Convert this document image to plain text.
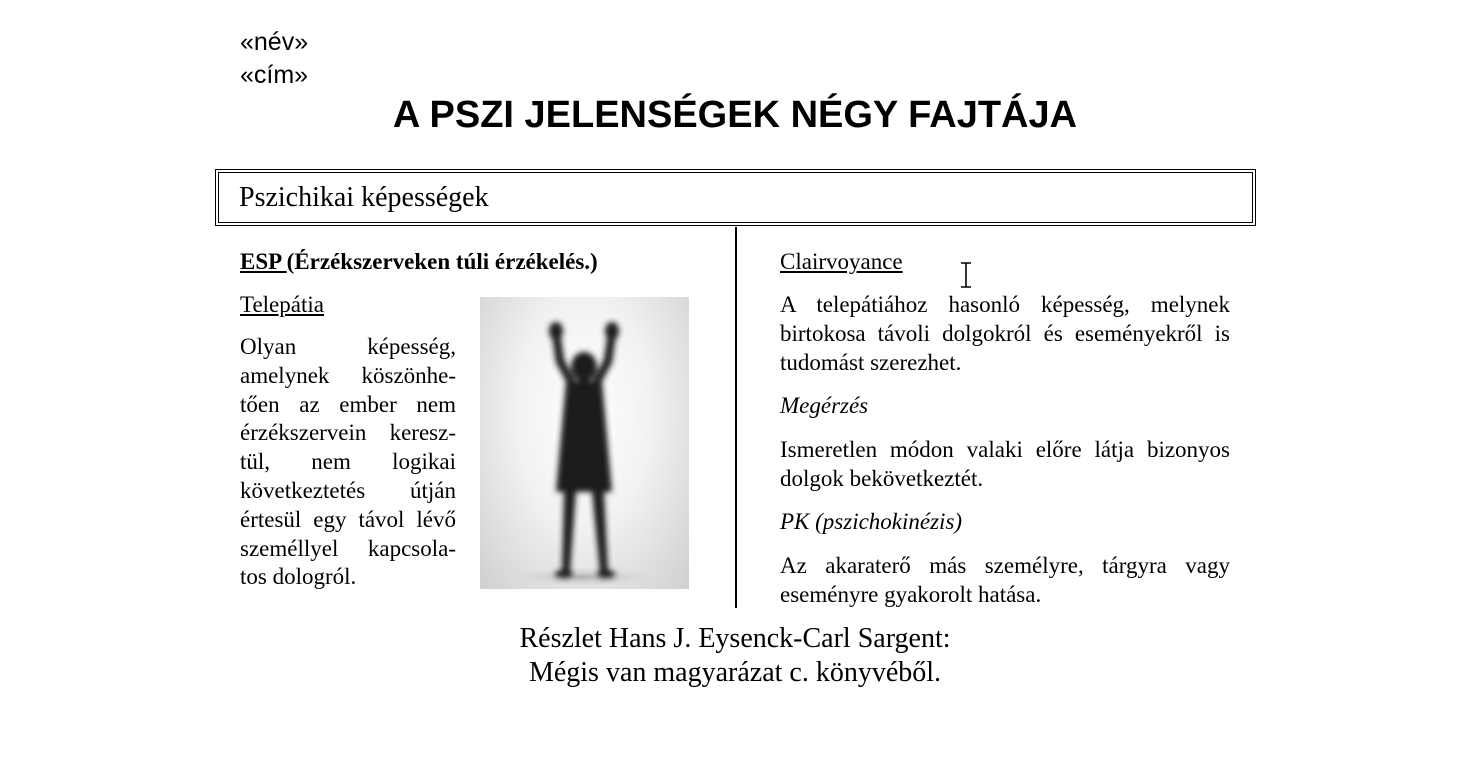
«név»
«cím»
A PSZI JELENSÉGEK NÉGY FAJTÁJA
Pszichikai képességek
ESP (Érzékszerveken túli érzékelés.)
Telepátia
Olyan képesség,
amelynek köszönhe-
tően az ember nem
érzékszervein keresz-
tül, nem logikai
következtetés útján
értesül egy távol lévő
személlyel kapcsola-
tos dologról.
Clairvoyance
A telepátiához hasonló képesség, melynek birtokosa távoli dolgokról és eseményekről is tudomást szerezhet.
Megérzés
Ismeretlen módon valaki előre látja bizonyos dolgok bekövetkeztét.
PK (pszichokinézis)
Az akaraterő más személyre, tárgyra vagy eseményre gyakorolt hatása.
Részlet Hans J. Eysenck-Carl Sargent:
Mégis van magyarázat c. könyvéből.
